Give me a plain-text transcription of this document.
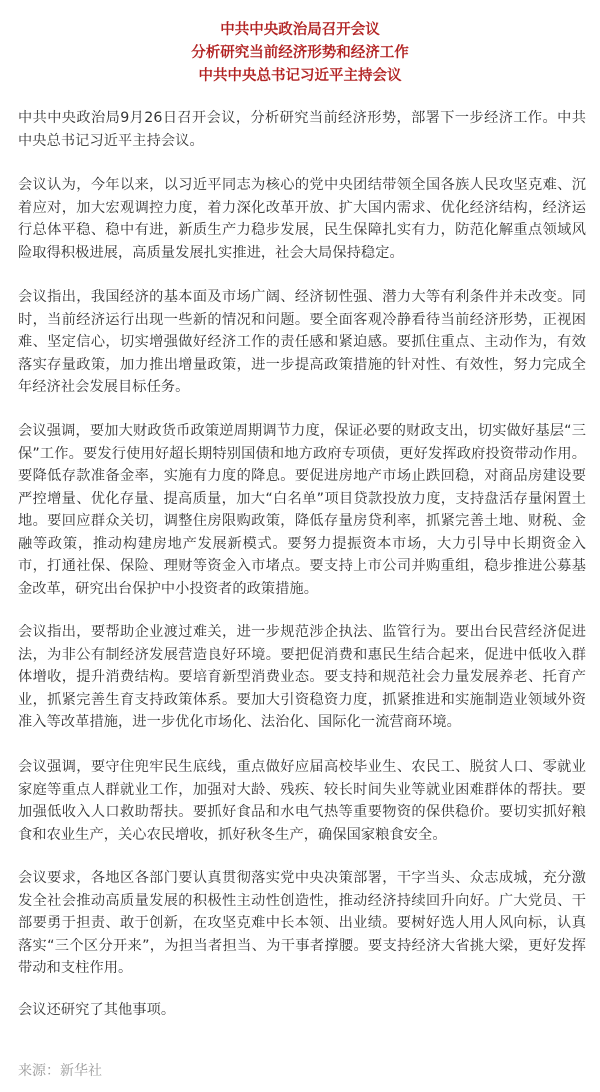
中共中央政治局召开会议
分析研究当前经济形势和经济工作
中共中央总书记习近平主持会议

中共中央政治局9月26日召开会议，分析研究当前经济形势，部署下一步经济工作。中共中央总书记习近平主持会议。

会议认为，今年以来，以习近平同志为核心的党中央团结带领全国各族人民攻坚克难、沉着应对，加大宏观调控力度，着力深化改革开放、扩大国内需求、优化经济结构，经济运行总体平稳、稳中有进，新质生产力稳步发展，民生保障扎实有力，防范化解重点领域风险取得积极进展，高质量发展扎实推进，社会大局保持稳定。

会议指出，我国经济的基本面及市场广阔、经济韧性强、潜力大等有利条件并未改变。同时，当前经济运行出现一些新的情况和问题。要全面客观冷静看待当前经济形势，正视困难、坚定信心，切实增强做好经济工作的责任感和紧迫感。要抓住重点、主动作为，有效落实存量政策，加力推出增量政策，进一步提高政策措施的针对性、有效性，努力完成全年经济社会发展目标任务。

会议强调，要加大财政货币政策逆周期调节力度，保证必要的财政支出，切实做好基层“三保”工作。要发行使用好超长期特别国债和地方政府专项债，更好发挥政府投资带动作用。要降低存款准备金率，实施有力度的降息。要促进房地产市场止跌回稳，对商品房建设要严控增量、优化存量、提高质量，加大“白名单”项目贷款投放力度，支持盘活存量闲置土地。要回应群众关切，调整住房限购政策，降低存量房贷利率，抓紧完善土地、财税、金融等政策，推动构建房地产发展新模式。要努力提振资本市场，大力引导中长期资金入市，打通社保、保险、理财等资金入市堵点。要支持上市公司并购重组，稳步推进公募基金改革，研究出台保护中小投资者的政策措施。

会议指出，要帮助企业渡过难关，进一步规范涉企执法、监管行为。要出台民营经济促进法，为非公有制经济发展营造良好环境。要把促消费和惠民生结合起来，促进中低收入群体增收，提升消费结构。要培育新型消费业态。要支持和规范社会力量发展养老、托育产业，抓紧完善生育支持政策体系。要加大引资稳资力度，抓紧推进和实施制造业领域外资准入等改革措施，进一步优化市场化、法治化、国际化一流营商环境。

会议强调，要守住兜牢民生底线，重点做好应届高校毕业生、农民工、脱贫人口、零就业家庭等重点人群就业工作，加强对大龄、残疾、较长时间失业等就业困难群体的帮扶。要加强低收入人口救助帮扶。要抓好食品和水电气热等重要物资的保供稳价。要切实抓好粮食和农业生产，关心农民增收，抓好秋冬生产，确保国家粮食安全。

会议要求，各地区各部门要认真贯彻落实党中央决策部署，干字当头、众志成城，充分激发全社会推动高质量发展的积极性主动性创造性，推动经济持续回升向好。广大党员、干部要勇于担责、敢于创新，在攻坚克难中长本领、出业绩。要树好选人用人风向标，认真落实“三个区分开来”，为担当者担当、为干事者撑腰。要支持经济大省挑大梁，更好发挥带动和支柱作用。

会议还研究了其他事项。

来源：新华社
